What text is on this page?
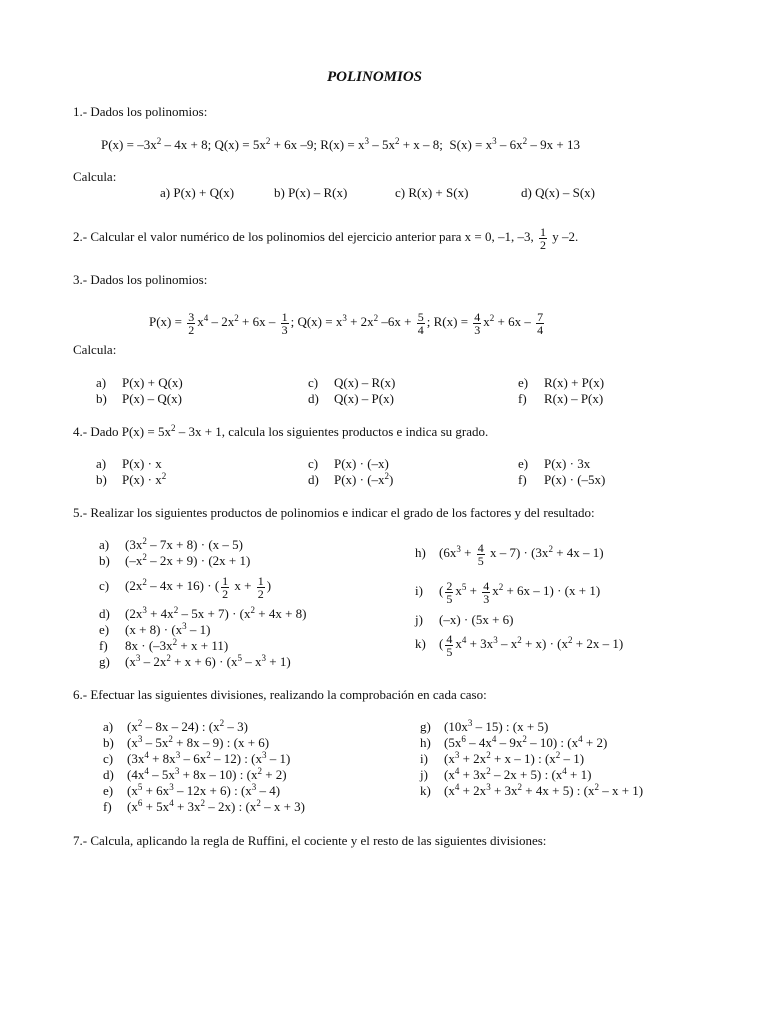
POLINOMIOS
1.- Dados los polinomios:
$P(x) = -3x^2 - 4x + 8$; $Q(x) = 5x^2 + 6x$ –9; $R(x) = x^3 - 5x^2 + x - 8$; $S(x) = x^3 - 6x^2 - 9x + 13$
Calcula:
a) P(x) + Q(x)	b) P(x) – R(x)	c) R(x) + S(x)	d) Q(x) – S(x)
2.- Calcular el valor numérico de los polinomios del ejercicio anterior para x = 0, –1, –3, $\frac{1}{2}$ y –2.
3.- Dados los polinomios:
$P(x) = \frac{3}{2} x^4 - 2x^2 + 6x - \frac{1}{3}$ ; $Q(x) = x^3 + 2x^2$ $-6x + \frac{5}{4}$ ; $R(x) = \frac{4}{3} x^2 + 6x - \frac{7}{4}$
Calcula:
a) P(x) + Q(x)	c) Q(x) – R(x)	e) R(x) + P(x)
b) P(x) – Q(x)	d) Q(x) – P(x)	f) R(x) – P(x)
4.- Dado $P(x) = 5x^2 - 3x + 1$, calcula los siguientes productos e indica su grado.
a) P(x) · x	c) P(x) · (–x)	e) P(x) · 3x
b) $P(x) \cdot x^2$	d) $P(x) \cdot (-x^2)$	f) P(x) · (–5x)
5.- Realizar los siguientes productos de polinomios e indicar el grado de los factores y del resultado:
a) $(3x^2 - 7x + 8) \cdot (x - 5)$
b) $(-x^2 - 2x + 9) \cdot (2x + 1)$
c) $(2x^2 - 4x + 16)$ · ( $\frac{1}{2}$ $x + \frac{1}{2}$ )
d) $(2x^3 + 4x^2 - 5x + 7) \cdot (x^2 + 4x + 8)$
e) $(x + 8) \cdot (x^3 - 1)$
f) $8x \cdot (-3x^2 + x + 11)$
g) $(x^3 - 2x^2 + x + 6) \cdot (x^5 - x^3 + 1)$
h) ($6x^3 + \frac{4}{5}$ $x - 7) \cdot (3x^2 + 4x - 1)$
i) ( $\frac{2}{5} x^5 + \frac{4}{3} x^2 + 6x - 1) \cdot (x + 1)$
j) (–x) · (5x + 6)
k) ( $\frac{4}{5} x^4 + 3x^3 - x^2 + x) \cdot (x^2 + 2x - 1)$
6.- Efectuar las siguientes divisiones, realizando la comprobación en cada caso:
a) $(x^2 - 8x - 24)$ : $(x^2 - 3)$
b) $(x^3 - 5x^2 + 8x - 9)$ : (x + 6)
c) $(3x^4 + 8x^3 - 6x^2 - 12)$ : $(x^3 - 1)$
d) $(4x^4 - 5x^3 + 8x - 10)$ : $(x^2 + 2)$
e) $(x^5 + 6x^3 - 12x + 6)$ : $(x^3 - 4)$
f) $(x^6 + 5x^4 + 3x^2 - 2x)$ : $(x^2 - x + 3)$
g) $(10x^3 - 15)$ : (x + 5)
h) $(5x^6 - 4x^4 - 9x^2 - 10)$ : $(x^4 + 2)$
i) $(x^3 + 2x^2 + x - 1)$ : $(x^2 - 1)$
j) $(x^4 + 3x^2 - 2x + 5)$ : $(x^4 + 1)$
k) $(x^4 + 2x^3 + 3x^2 + 4x + 5)$ : $(x^2 - x + 1)$
7.- Calcula, aplicando la regla de Ruffini, el cociente y el resto de las siguientes divisiones:
